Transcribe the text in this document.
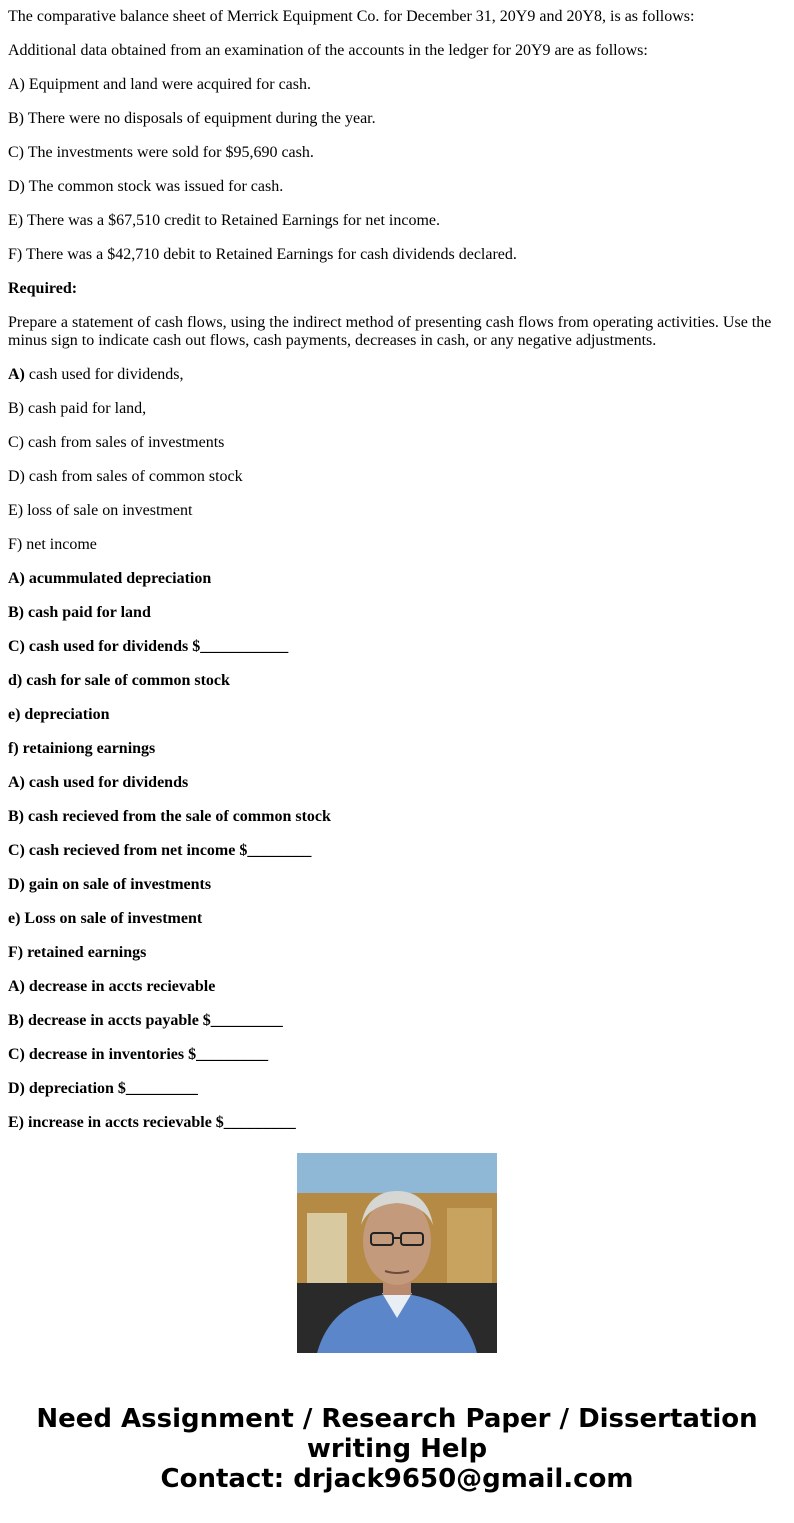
The comparative balance sheet of Merrick Equipment Co. for December 31, 20Y9 and 20Y8, is as follows:

Additional data obtained from an examination of the accounts in the ledger for 20Y9 are as follows:

A) Equipment and land were acquired for cash.

B) There were no disposals of equipment during the year.

C) The investments were sold for $95,690 cash.

D) The common stock was issued for cash.

E) There was a $67,510 credit to Retained Earnings for net income.

F) There was a $42,710 debit to Retained Earnings for cash dividends declared.

Required:

Prepare a statement of cash flows, using the indirect method of presenting cash flows from operating activities. Use the minus sign to indicate cash out flows, cash payments, decreases in cash, or any negative adjustments.

A) cash used for dividends,

B) cash paid for land,

C) cash from sales of investments

D) cash from sales of common stock

E) loss of sale on investment

F) net income

A) acummulated depreciation

B) cash paid for land

C) cash used for dividends $___________

d) cash for sale of common stock

e) depreciation

f) retainiong earnings

A) cash used for dividends

B) cash recieved from the sale of common stock

C) cash recieved from net income $________

D) gain on sale of investments

e) Loss on sale of investment

F) retained earnings

A) decrease in accts recievable

B) decrease in accts payable $_________

C) decrease in inventories $_________

D) depreciation $_________

E) increase in accts recievable $_________

Need Assignment / Research Paper / Dissertation
writing Help
Contact: drjack9650@gmail.com
